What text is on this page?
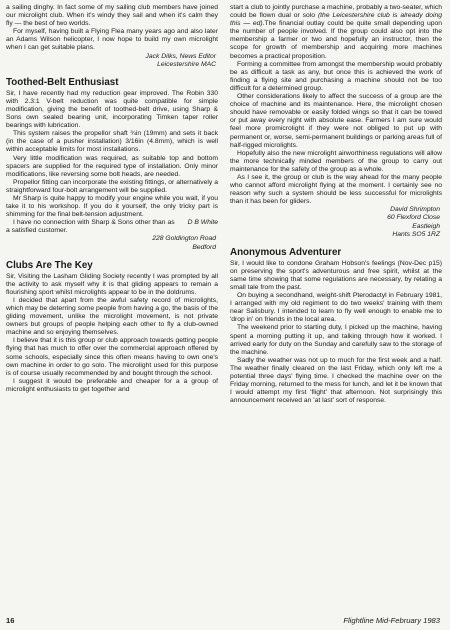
a sailing dinghy. In fact some of my sailing club members have joined our microlight club. When it's windy they sail and when it's calm they fly — the best of two worlds.

For myself, having built a Flying Flea many years ago and also later an Adams Wilson helicopter, I now hope to build my own microlight when I can get suitable plans.

Jack Dilks, News Editor

Leicestershire MAC

Toothed-Belt Enthusiast

Sir, I have recently had my reduction gear improved. The Robin 330 with 2.3:1 V-belt reduction was quite compatible for simple modification, giving the benefit of toothed-belt drive, using Sharp & Sons own sealed bearing unit, incorporating Timken taper roller bearings with lubrication.

This system raises the propellor shaft ¾in (19mm) and sets it back (in the case of a pusher installation) 3/16in (4.8mm), which is well within acceptable limits for most installations.

Very little modification was required, as suitable top and bottom spacers are supplied for the required type of installation. Only minor modifications, like reversing some bolt heads, are needed.

Propellor fitting can incorporate the existing fittings, or alternatively a straightforward four-bolt arrangement will be supplied.

Mr Sharp is quite happy to modify your engine while you wait, if you take it to his workshop. If you do it yourself, the only tricky part is shimming for the final belt-tension adjustment.

D B White
I have no connection with Sharp & Sons other than as a satisfied customer.

228 Goldington Road

Bedford

Clubs Are The Key

Sir, Visiting the Lasham Gliding Society recently I was prompted by all the activity to ask myself why it is that gliding appears to remain a flourishing sport whilst microlights appear to be in the doldrums.

I decided that apart from the awful safety record of microlights, which may be deterring some people from having a go, the basis of the gliding movement, unlike the microlight movement, is not private owners but groups of people helping each other to fly a club-owned machine and so enjoying themselves.

I believe that it is this group or club approach towards getting people flying that has much to offer over the commercial approach offered by some schools, especially since this often means having to own one's own machine in order to go solo. The microlight used for this purpose is of course usually recommended by and bought through the school.

I suggest it would be preferable and cheaper for a a group of microlight enthusiasts to get together and

start a club to jointly purchase a machine, probably a two-seater, which could be flown dual or solo (the Leicestershire club is already doing this — ed).The financial outlay could be quite small depending upon the number of people involved. If the group could also opt into the membership a farmer or two and hopefully an instructor, then the scope for growth of membership and acquiring more machines becomes a practical proposition.

Forming a committee from amongst the membership would probably be as difficult a task as any, but once this is achieved the work of finding a flying site and purchasing a machine should not be too difficult for a determined group.

Other considerations likely to affect the success of a group are the choice of machine and its maintenance. Here, the microlight chosen should have removable or easily folded wings so that it can be towed or put away every night with absolute ease. Farmers I am sure would feel more promicrolight if they were not obliged to put up with permanent or, worse, semi-permanent buildings or parking areas full of half-rigged microlights.

Hopefully also the new microlight airworthiness regulations will allow the more technically minded members of the group to carry out maintenance for the safety of the group as a whole.

As I see it, the group or club is the way ahead for the many people who cannot afford microlight flying at the moment. I certainly see no reason why such a system should be less successful for microlights than it has been for gliders.

David Shrimpton

60 Flexford Close

Eastleigh

Hants SO5 1RZ

Anonymous Adventurer

Sir, I would like to condone Graham Hobson's feelings (Nov-Dec p15) on preserving the sport's adventurous and free spirit, whilst at the same time showing that some regulations are necessary, by relating a small tale from the past.

On buying a secondhand, weight-shift Pterodactyl in February 1981, I arranged with my old regiment to do two weeks' training with them near Salisbury. I intended to learn to fly well enough to enable me to 'drop in' on friends in the local area.

The weekend prior to starting duty, I picked up the machine, having spent a morning putting it up, and talking through how it worked. I arrived early for duty on the Sunday and carefully saw to the storage of the machine.

Sadly the weather was not up to much for the first week and a half. The weather finally cleared on the last Friday, which only left me a potential three days' flying time. I checked the machine over on the Friday morning, returned to the mess for lunch, and let it be known that I would attempt my first 'flight' that afternoon. Not surprisingly this announcement received an 'at last' sort of response.

16	Flightline Mid-February 1983
